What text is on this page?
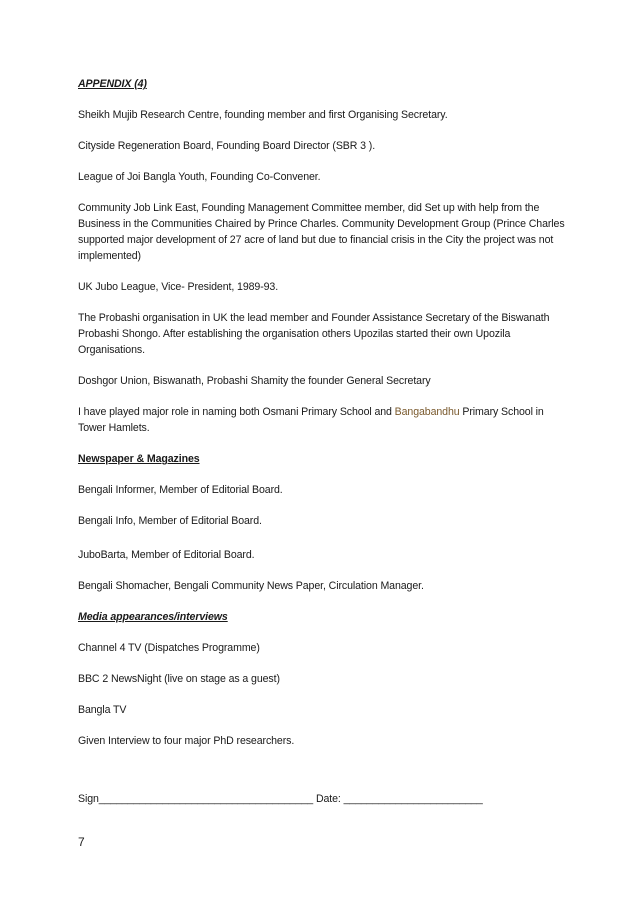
APPENDIX (4)

Sheikh Mujib Research Centre, founding member and first Organising Secretary.

Cityside Regeneration Board, Founding Board Director (SBR 3 ).

League of Joi Bangla Youth, Founding Co-Convener.

Community Job Link East, Founding Management Committee member, did Set up with help from the Business in the Communities Chaired by Prince Charles. Community Development Group (Prince Charles supported major development of 27 acre of land but due to financial crisis in the City the project was not implemented)

UK Jubo League, Vice- President, 1989-93.

The Probashi organisation in UK the lead member and Founder Assistance Secretary of the Biswanath Probashi Shongo. After establishing the organisation others Upozilas started their own Upozila Organisations.

Doshgor Union, Biswanath, Probashi Shamity the founder General Secretary

I have played major role in naming both Osmani Primary School and Bangabandhu Primary School in Tower Hamlets.

Newspaper & Magazines

Bengali Informer, Member of Editorial Board.

Bengali Info, Member of Editorial Board.

JuboBarta, Member of Editorial Board.

Bengali Shomacher, Bengali Community News Paper, Circulation Manager.

Media appearances/interviews

Channel 4 TV (Dispatches Programme)

BBC 2 NewsNight (live on stage as a guest)

Bangla TV

Given Interview to four major PhD researchers.

Sign_____________________________________ Date: ________________________

7
